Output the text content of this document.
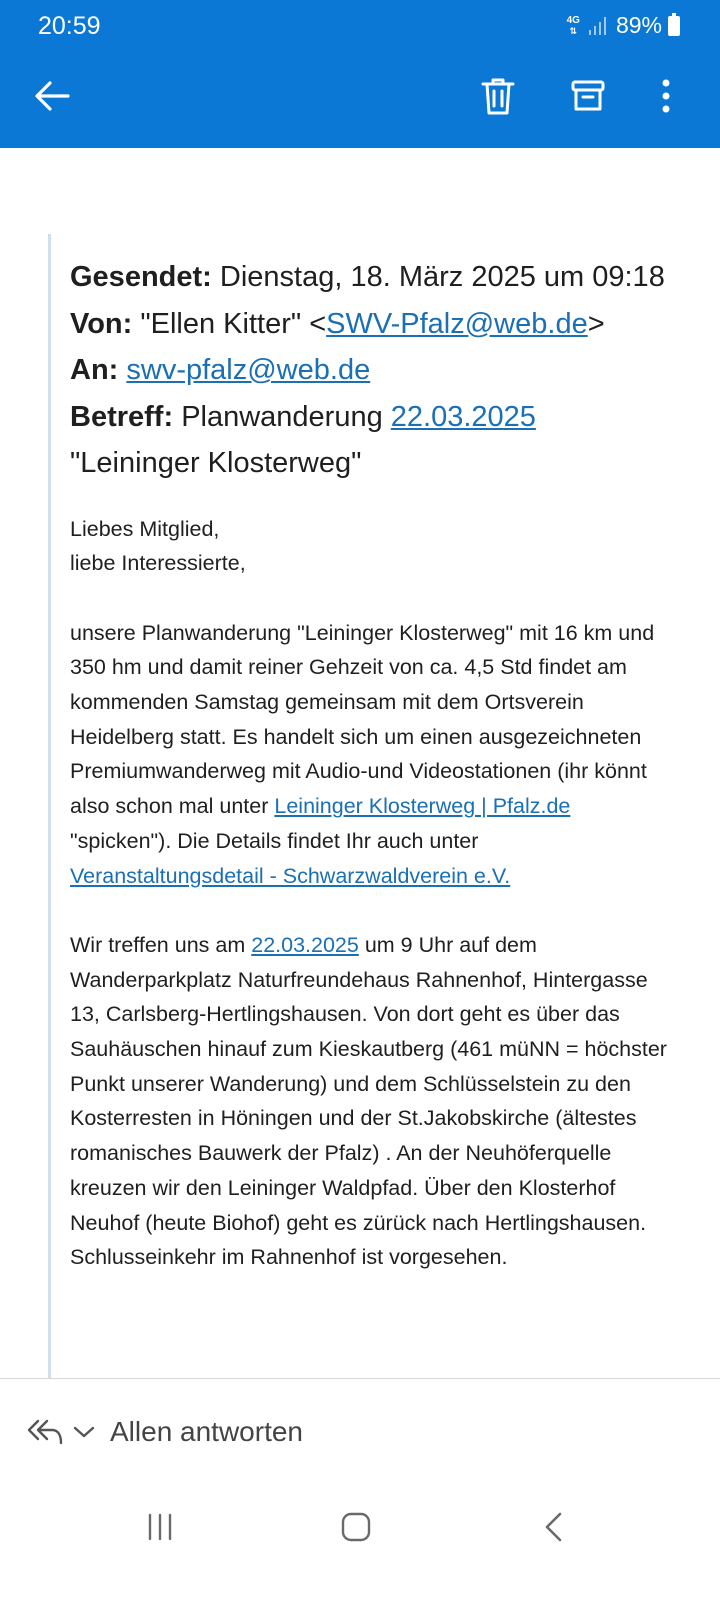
20:59	4G
⇅ 89%
Gesendet: Dienstag, 18. März 2025 um 09:18
Von: "Ellen Kitter" <SWV-Pfalz@web.de>
An: swv-pfalz@web.de
Betreff: Planwanderung 22.03.2025
"Leininger Klosterweg"

Liebes Mitglied,
liebe Interessierte,

unsere Planwanderung "Leininger Klosterweg" mit 16 km und 350 hm und damit reiner Gehzeit von ca. 4,5 Std findet am kommenden Samstag gemeinsam mit dem Ortsverein Heidelberg statt. Es handelt sich um einen ausgezeichneten Premiumwanderweg mit Audio-und Videostationen (ihr könnt also schon mal unter Leininger Klosterweg | Pfalz.de "spicken"). Die Details findet Ihr auch unter Veranstaltungsdetail - Schwarzwaldverein e.V.

Wir treffen uns am 22.03.2025 um 9 Uhr auf dem Wanderparkplatz Naturfreundehaus Rahnenhof, Hintergasse 13, Carlsberg-Hertlingshausen. Von dort geht es über das Sauhäuschen hinauf zum Kieskautberg (461 müNN = höchster Punkt unserer Wanderung) und dem Schlüsselstein zu den Kosterresten in Höningen und der St.Jakobskirche (ältestes romanisches Bauwerk der Pfalz) . An der Neuhöferquelle kreuzen wir den Leininger Waldpfad. Über den Klosterhof Neuhof (heute Biohof) geht es zürück nach Hertlingshausen. Schlusseinkehr im Rahnenhof ist vorgesehen.

Allen antworten
